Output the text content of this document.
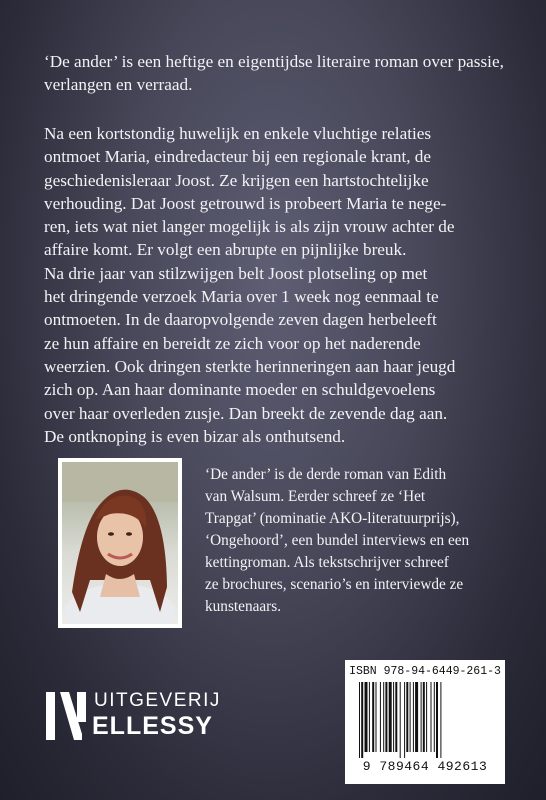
‘De ander’ is een heftige en eigentijdse literaire roman over passie, verlangen en verraad.

Na een kortstondig huwelijk en enkele vluchtige relaties
ontmoet Maria, eindredacteur bij een regionale krant, de
geschiedenisleraar Joost. Ze krijgen een hartstochtelijke
verhouding. Dat Joost getrouwd is probeert Maria te nege-
ren, iets wat niet langer mogelijk is als zijn vrouw achter de
affaire komt. Er volgt een abrupte en pijnlijke breuk.
Na drie jaar van stilzwijgen belt Joost plotseling op met
het dringende verzoek Maria over 1 week nog eenmaal te
ontmoeten. In de daaropvolgende zeven dagen herbeleeft
ze hun affaire en bereidt ze zich voor op het naderende
weerzien. Ook dringen sterkte herinneringen aan haar jeugd
zich op. Aan haar dominante moeder en schuldgevoelens
over haar overleden zusje. Dan breekt de zevende dag aan.
De ontknoping is even bizar als onthutsend.
‘De ander’ is de derde roman van Edith
van Walsum. Eerder schreef ze ‘Het
Trapgat’ (nominatie AKO-literatuurprijs),
‘Ongehoord’, een bundel interviews en een
kettingroman. Als tekstschrijver schreef
ze brochures, scenario’s en interviewde ze
kunstenaars.
UITGEVERIJ
ELLESSY
ISBN 978-94-6449-261-3
9 789464 492613
